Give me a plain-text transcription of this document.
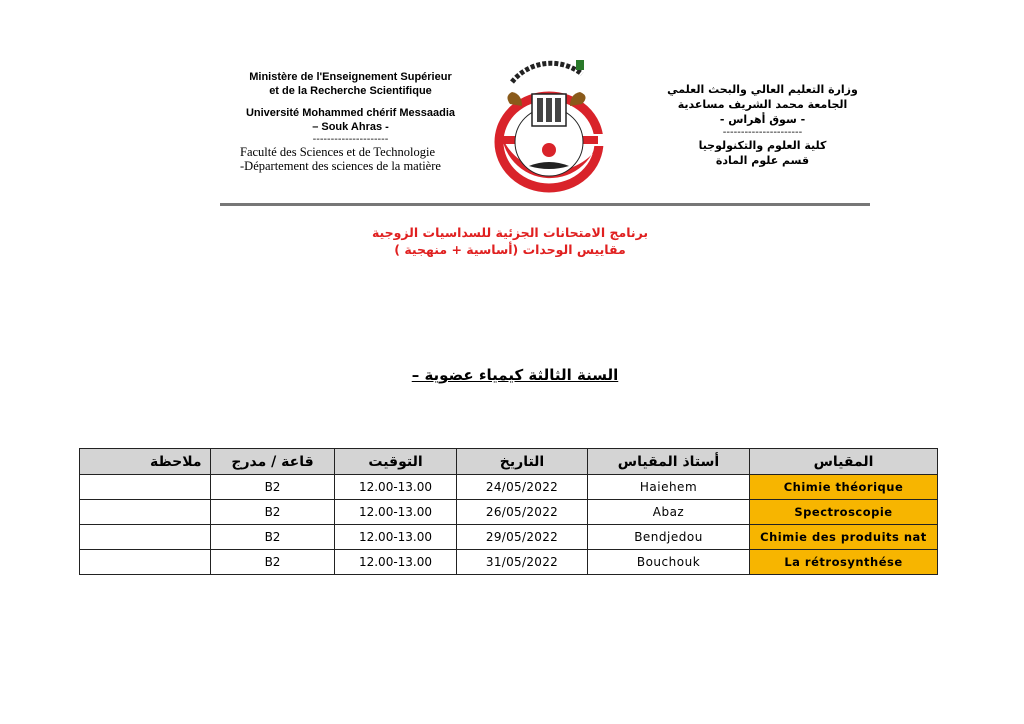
Ministère de l'Enseignement Supérieur
et de la Recherche Scientifique
Université Mohammed chérif Messaadia
– Souk Ahras -
---------------------
Faculté des Sciences et de Technologie
-Département des sciences de la matière
وزارة التعليم العالي والبحث العلمي
الجامعة محمد الشريف مساعدية
- سوق أهراس -
----------------------
كلية العلوم والتكنولوجيا
قسم علوم المادة
برنامج الامتحانات الجزئية للسداسيات الزوجية
مقاييس الوحدات (أساسية + منهجية )
السنة الثالثة كيمياء عضوية –
ملاحظة	قاعة / مدرج	التوقيت	التاريخ	أستاذ المقياس	المقياس
	B2	12.00-13.00	24/05/2022	Haiehem	Chimie théorique
	B2	12.00-13.00	26/05/2022	Abaz	Spectroscopie
	B2	12.00-13.00	29/05/2022	Bendjedou	Chimie des produits nat
	B2	12.00-13.00	31/05/2022	Bouchouk	La rétrosynthése
